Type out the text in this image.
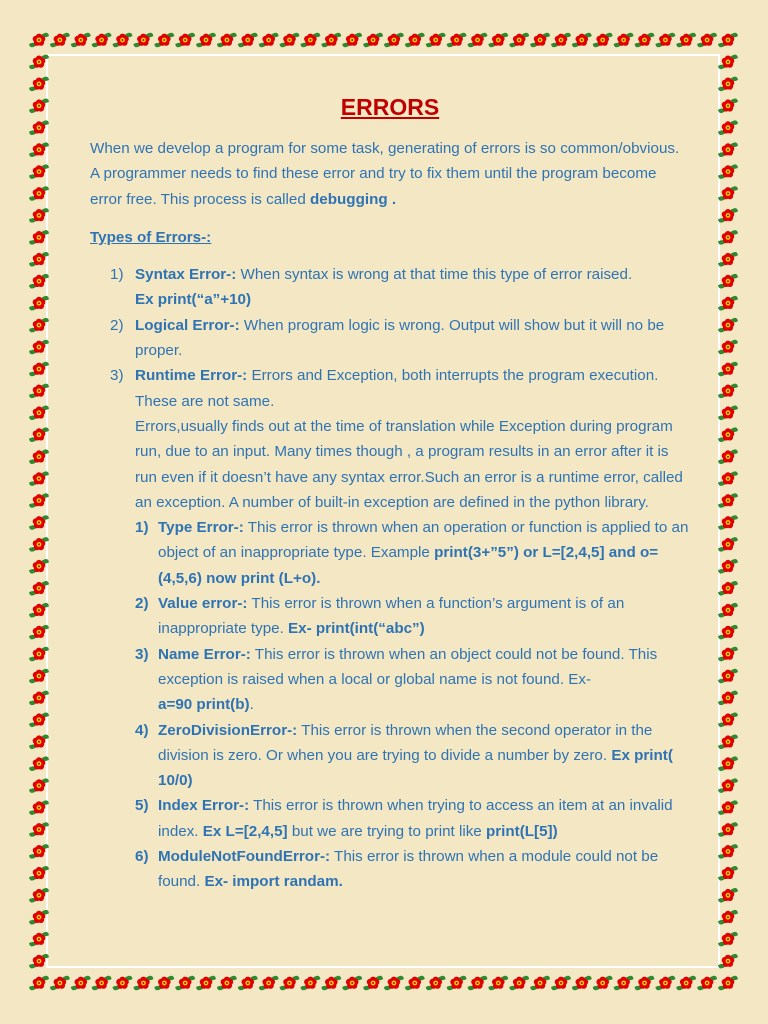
ERRORS

When we develop a program for some task, generating of errors is so common/obvious. A programmer needs to find these error and try to fix them until the program become error free. This process is called debugging .

Types of Errors-:
1) Syntax Error-: When syntax is wrong at that time this type of error raised.
Ex print(“a”+10)
2) Logical Error-: When program logic is wrong. Output will show but it will no be proper.
3) Runtime Error-: Errors and Exception, both interrupts the program execution. These are not same.

Errors,usually finds out at the time of translation while Exception during program run, due to an input. Many times though , a program results in an error after it is run even if it doesn’t have any syntax error.Such an error is a runtime error, called an exception. A number of built-in exception are defined in the python library.

1) Type Error-: This error is thrown when an operation or function is applied to an object of an inappropriate type. Example print(3+”5”) or L=[2,4,5] and o=(4,5,6) now print (L+o).
2) Value error-: This error is thrown when a function’s argument is of an inappropriate type. Ex- print(int(“abc”)
3) Name Error-: This error is thrown when an object could not be found. This exception is raised when a local or global name is not found. Ex-
a=90 print(b).
4) ZeroDivisionError-: This error is thrown when the second operator in the division is zero. Or when you are trying to divide a number by zero. Ex print( 10/0)
5) Index Error-: This error is thrown when trying to access an item at an invalid index. Ex L=[2,4,5] but we are trying to print like print(L[5])
6) ModuleNotFoundError-: This error is thrown when a module could not be found. Ex- import randam.
